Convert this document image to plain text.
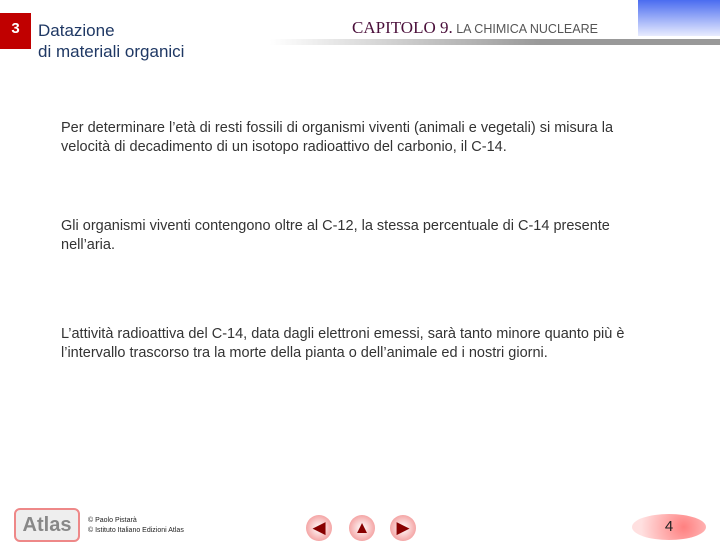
3	Datazione
di materiali organici
CAPITOLO 9. LA CHIMICA NUCLEARE
Per determinare l’età di resti fossili di organismi viventi (animali e vegetali) si misura la velocità di decadimento di un isotopo radioattivo del carbonio, il C-14.
Gli organismi viventi contengono oltre al C-12, la stessa percentuale di C-14 presente nell’aria.
L’attività radioattiva del C-14, data dagli elettroni emessi, sarà tanto minore quanto più è l’intervallo trascorso tra la morte della pianta o dell’animale ed i nostri giorni.
Atlas	© Paolo Pistarà
© Istituto Italiano Edizioni Atlas	◀	▲	▶	4
